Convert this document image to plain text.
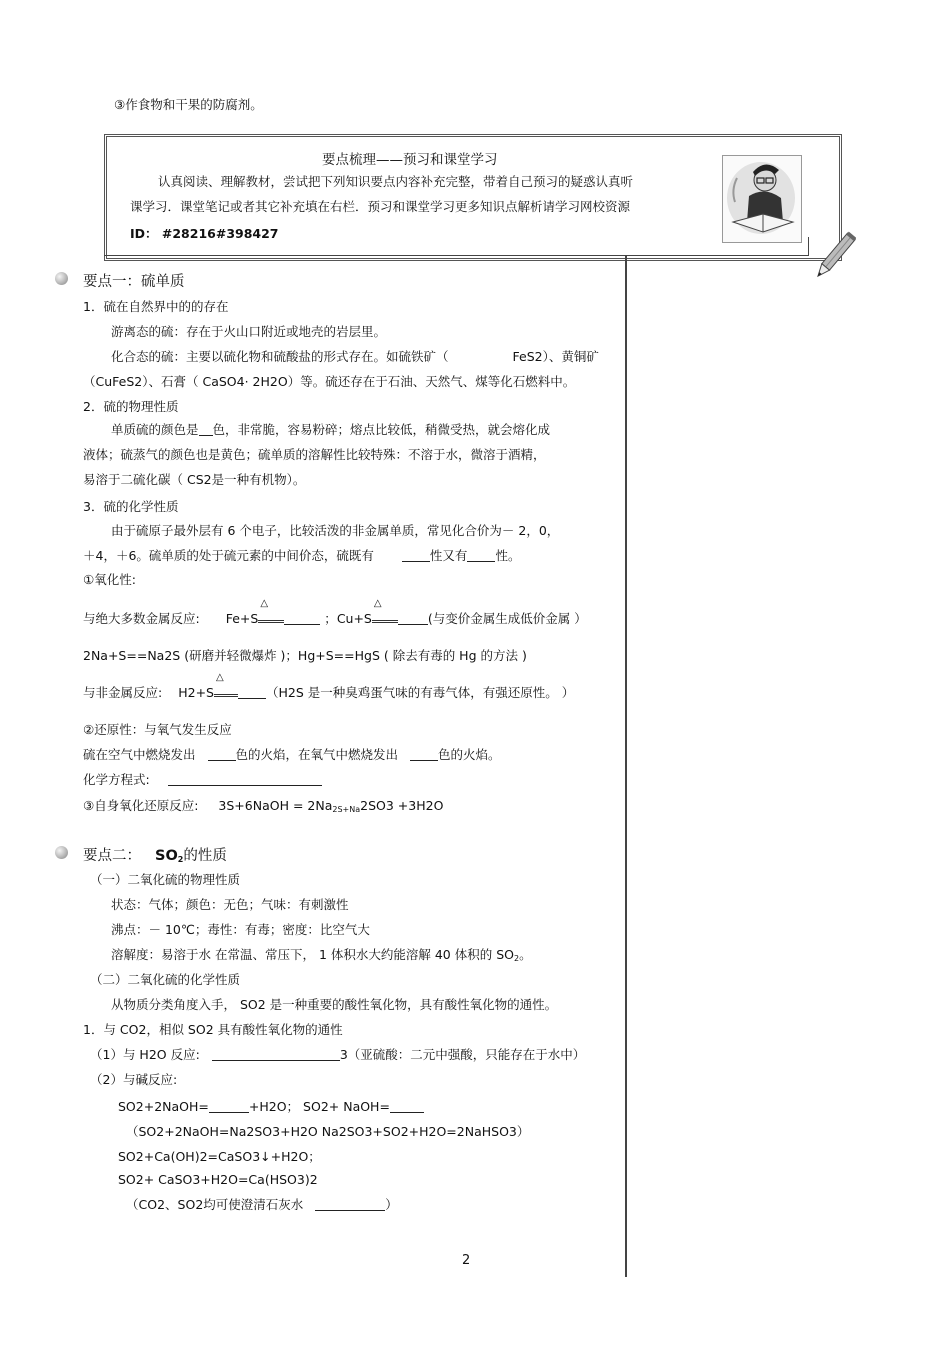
③作食物和干果的防腐剂。
要点梳理——预习和课堂学习
认真阅读、理解教材，尝试把下列知识要点内容补充完整，带着自己预习的疑惑认真听
课学习．课堂笔记或者其它补充填在右栏．预习和课堂学习更多知识点解析请学习网校资源
ID： #28216#398427
要点一：硫单质
1．硫在自然界中的的存在
游离态的硫：存在于火山口附近或地壳的岩层里。
化合态的硫：主要以硫化物和硫酸盐的形式存在。如硫铁矿（	FeS2）、黄铜矿
（CuFeS2）、石膏（ CaSO4· 2H2O）等。硫还存在于石油、天然气、煤等化石燃料中。
2．硫的物理性质
单质硫的颜色是 色，非常脆，容易粉碎；熔点比较低，稍微受热，就会熔化成
液体；硫蒸气的颜色也是黄色；硫单质的溶解性比较特殊：不溶于水，微溶于酒精，
易溶于二硫化碳（ CS2是一种有机物）。
3．硫的化学性质
由于硫原子最外层有 6 个电子，比较活泼的非金属单质，常见化合价为－ 2，0，
＋4，＋6。硫单质的处于硫元素的中间价态，硫既有	性又有 性。
①氧化性:
与绝大多数金属反应: Fe+S
△
；Cu+S
△
(与变价金属生成低价金属 ）
2Na+S==Na2S (研磨并轻微爆炸 )；Hg+S==HgS ( 除去有毒的 Hg 的方法 )
与非金属反应: H2+S
△
（H2S 是一种臭鸡蛋气味的有毒气体，有强还原性。 ）
②还原性：与氧气发生反应
硫在空气中燃烧发出	色的火焰，在氧气中燃烧发出	色的火焰。
化学方程式:
③自身氧化还原反应: 3S+6NaOH = $2Na_{2S+Na}2SO3 +3H2O$
要点二： $SO_2$的性质
（一）二氧化硫的物理性质
状态：气体；颜色：无色；气味：有刺激性
沸点：－ 10℃；毒性：有毒；密度：比空气大
溶解度：易溶于水 在常温、常压下， 1 体积水大约能溶解 40 体积的 $SO_2$。
（二）二氧化硫的化学性质
从物质分类角度入手， SO2 是一种重要的酸性氧化物，具有酸性氧化物的通性。
1．与 CO2，相似 SO2 具有酸性氧化物的通性
（1）与 H2O 反应:	3（亚硫酸：二元中强酸，只能存在于水中）
（2）与碱反应:
SO2+2NaOH=	+H2O； SO2+ NaOH=
（SO2+2NaOH=Na2SO3+H2O Na2SO3+SO2+H2O=2NaHSO3）
SO2+Ca(OH)2=CaSO3↓+H2O；
SO2+ CaSO3+H2O=Ca(HSO3)2
（CO2、SO2均可使澄清石灰水	）
2
